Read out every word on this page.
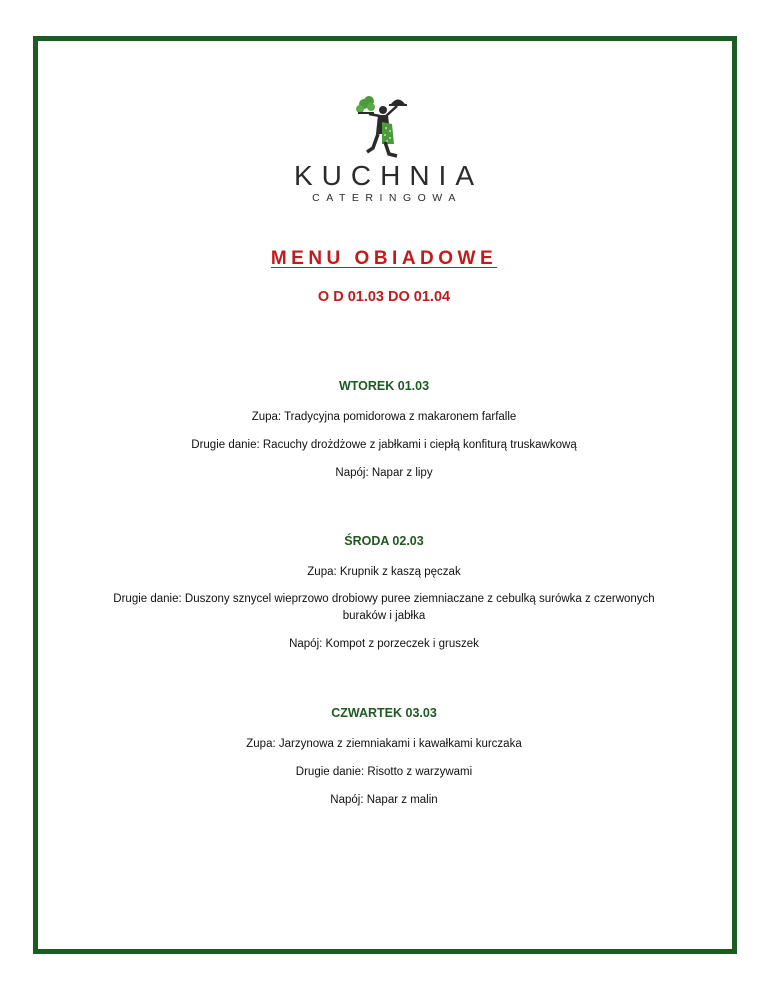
KUCHNIA
CATERINGOWA
MENU OBIADOWE
O D 01.03 DO 01.04
WTOREK 01.03
Zupa: Tradycyjna pomidorowa z makaronem farfalle
Drugie danie: Racuchy drożdżowe z jabłkami i ciepłą konfiturą truskawkową
Napój: Napar z lipy
ŚRODA 02.03
Zupa: Krupnik z kaszą pęczak
Drugie danie: Duszony sznycel wieprzowo drobiowy puree ziemniaczane z cebulką surówka z czerwonych buraków i jabłka
Napój: Kompot z porzeczek i gruszek
CZWARTEK 03.03
Zupa: Jarzynowa z ziemniakami i kawałkami kurczaka
Drugie danie: Risotto z warzywami
Napój: Napar z malin
